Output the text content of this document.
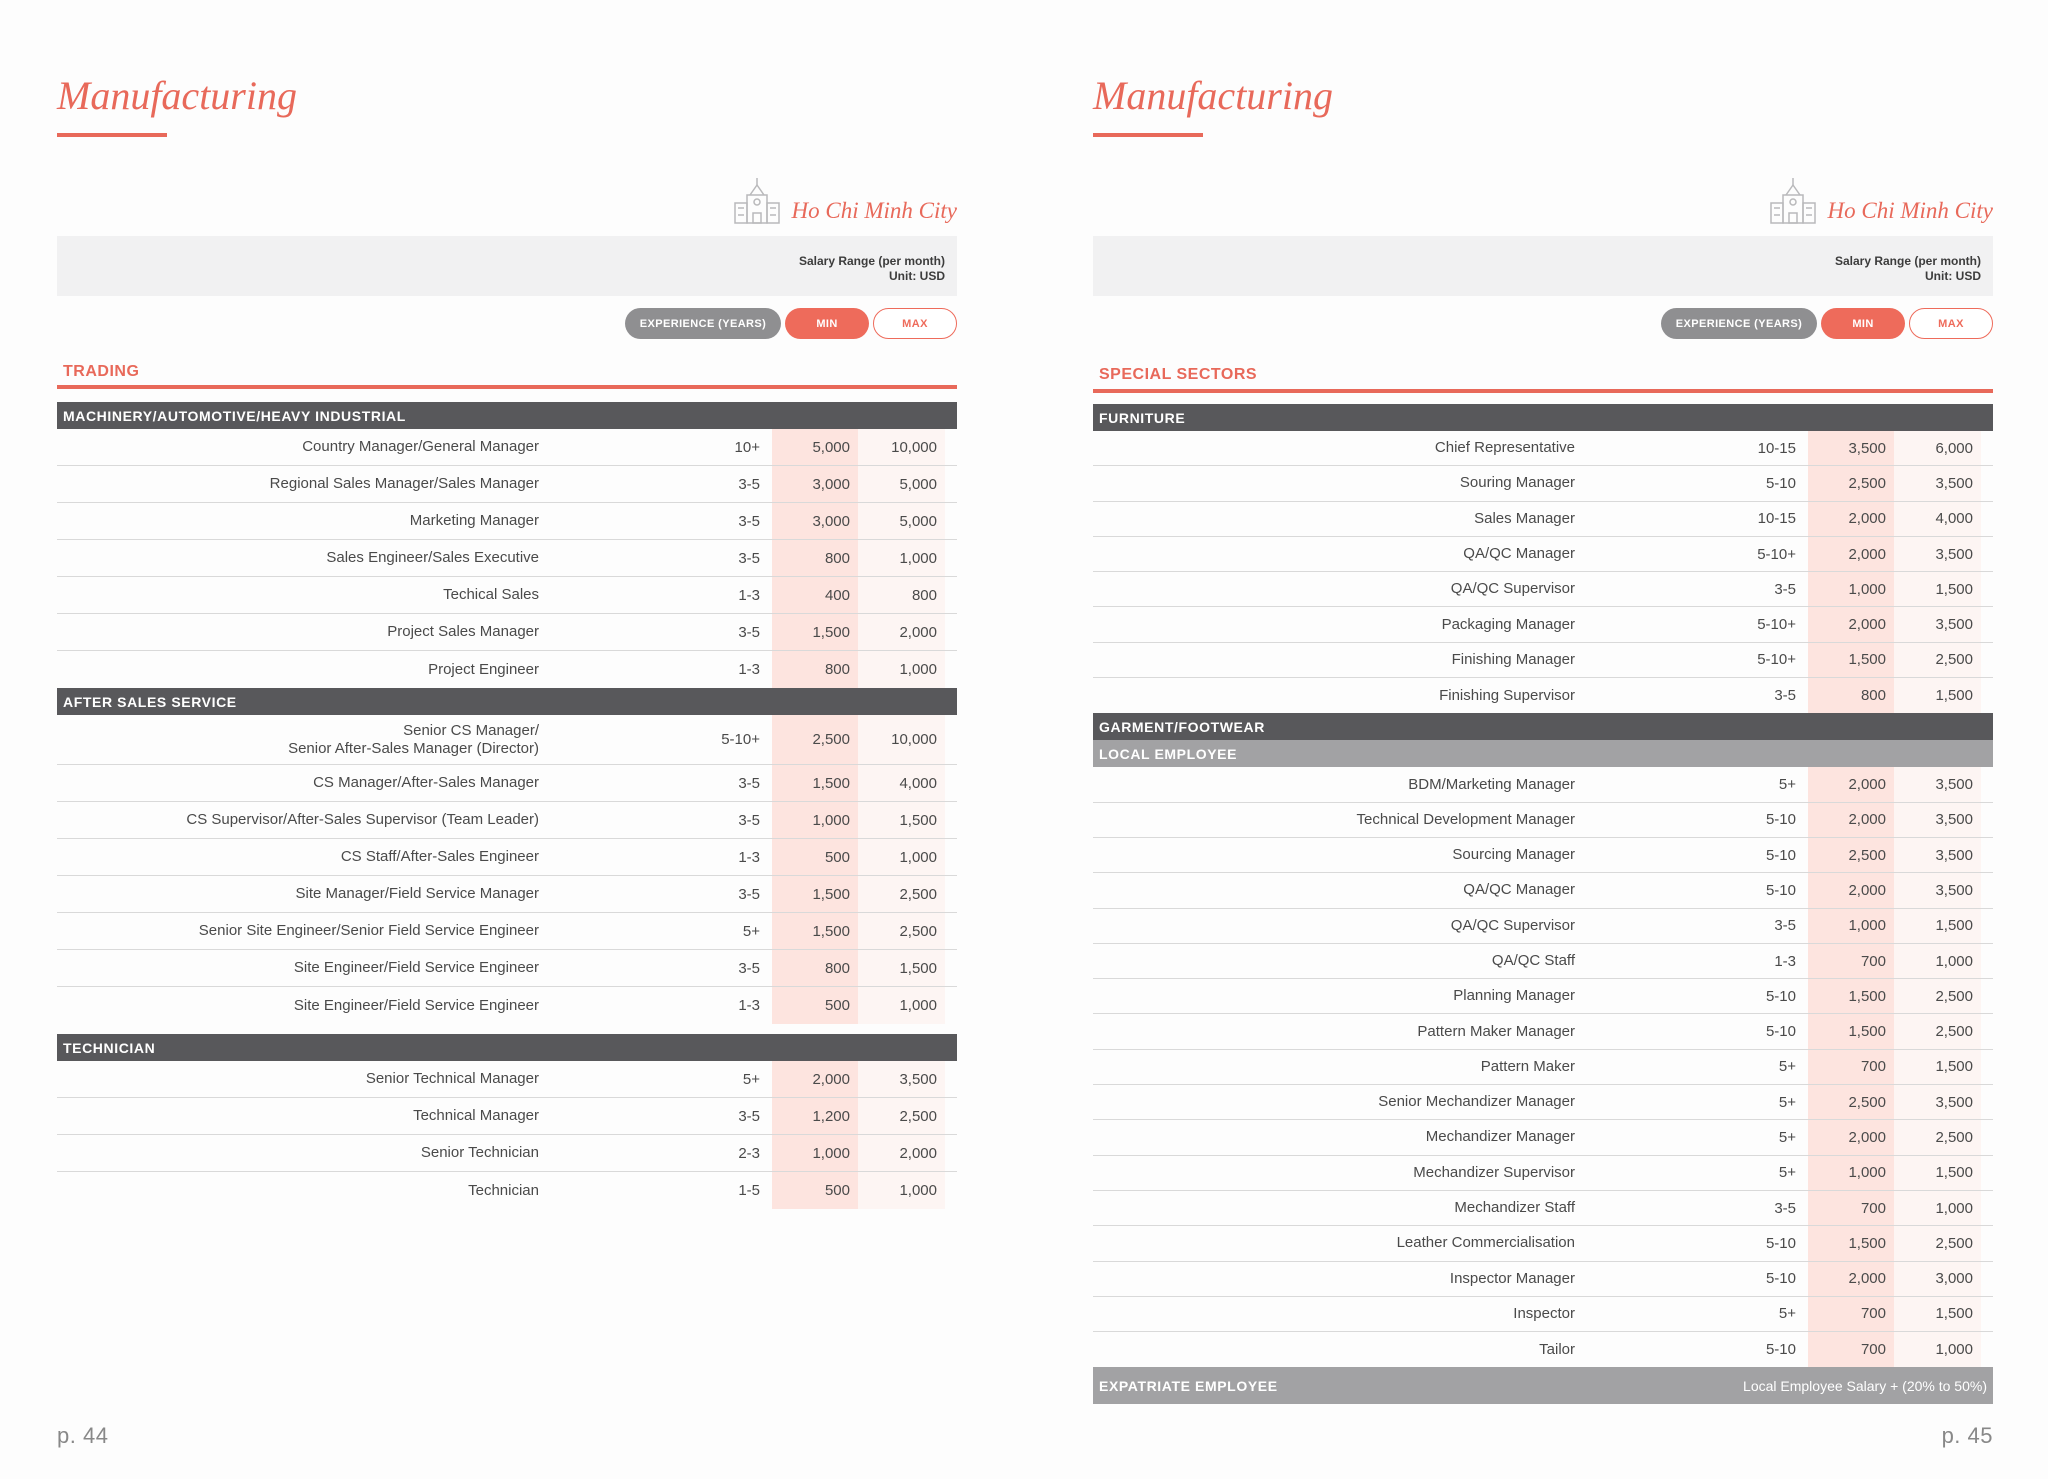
Manufacturing
Ho Chi Minh City
Salary Range (per month)
Unit: USD
EXPERIENCE (YEARS)	MIN	MAX
TRADING
MACHINERY/AUTOMOTIVE/HEAVY INDUSTRIAL
Country Manager/General Manager	10+	5,000	10,000
Regional Sales Manager/Sales Manager	3-5	3,000	5,000
Marketing Manager	3-5	3,000	5,000
Sales Engineer/Sales Executive	3-5	800	1,000
Techical Sales	1-3	400	800
Project Sales Manager	3-5	1,500	2,000
Project Engineer	1-3	800	1,000
AFTER SALES SERVICE
Senior CS Manager/
Senior After-Sales Manager (Director)	5-10+	2,500	10,000
CS Manager/After-Sales Manager	3-5	1,500	4,000
CS Supervisor/After-Sales Supervisor (Team Leader)	3-5	1,000	1,500
CS Staff/After-Sales Engineer	1-3	500	1,000
Site Manager/Field Service Manager	3-5	1,500	2,500
Senior Site Engineer/Senior Field Service Engineer	5+	1,500	2,500
Site Engineer/Field Service Engineer	3-5	800	1,500
Site Engineer/Field Service Engineer	1-3	500	1,000
TECHNICIAN
Senior Technical Manager	5+	2,000	3,500
Technical Manager	3-5	1,200	2,500
Senior Technician	2-3	1,000	2,000
Technician	1-5	500	1,000
p. 44
Manufacturing
Ho Chi Minh City
Salary Range (per month)
Unit: USD
EXPERIENCE (YEARS)	MIN	MAX
SPECIAL SECTORS
FURNITURE
Chief Representative	10-15	3,500	6,000
Souring Manager	5-10	2,500	3,500
Sales Manager	10-15	2,000	4,000
QA/QC Manager	5-10+	2,000	3,500
QA/QC Supervisor	3-5	1,000	1,500
Packaging Manager	5-10+	2,000	3,500
Finishing Manager	5-10+	1,500	2,500
Finishing Supervisor	3-5	800	1,500
GARMENT/FOOTWEAR
LOCAL EMPLOYEE
BDM/Marketing Manager	5+	2,000	3,500
Technical Development Manager	5-10	2,000	3,500
Sourcing Manager	5-10	2,500	3,500
QA/QC Manager	5-10	2,000	3,500
QA/QC Supervisor	3-5	1,000	1,500
QA/QC Staff	1-3	700	1,000
Planning Manager	5-10	1,500	2,500
Pattern Maker Manager	5-10	1,500	2,500
Pattern Maker	5+	700	1,500
Senior Mechandizer Manager	5+	2,500	3,500
Mechandizer Manager	5+	2,000	2,500
Mechandizer Supervisor	5+	1,000	1,500
Mechandizer Staff	3-5	700	1,000
Leather Commercialisation	5-10	1,500	2,500
Inspector Manager	5-10	2,000	3,000
Inspector	5+	700	1,500
Tailor	5-10	700	1,000
EXPATRIATE EMPLOYEE	Local Employee Salary + (20% to 50%)
p. 45
